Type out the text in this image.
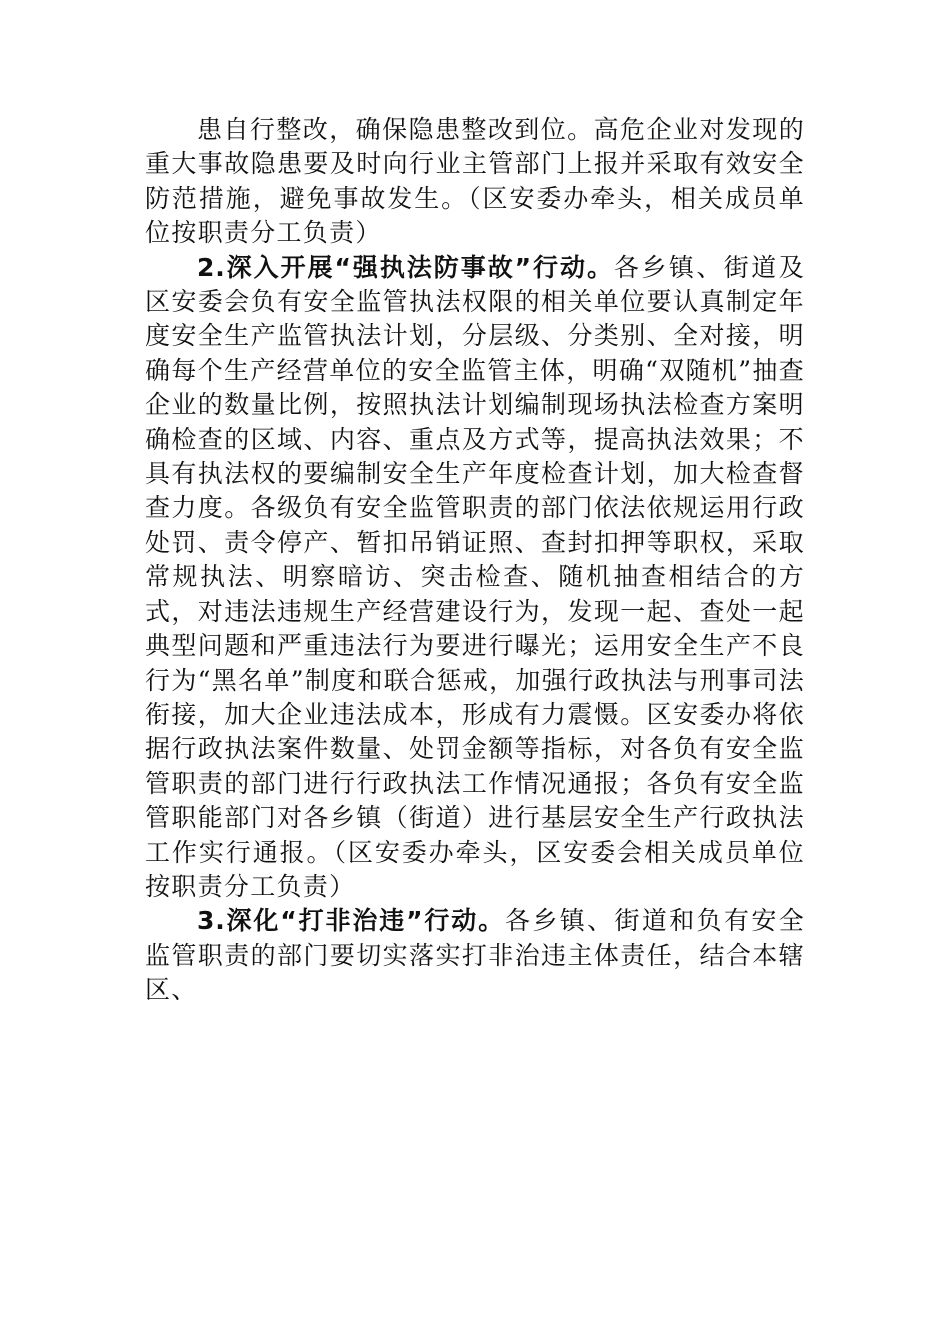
患自行整改，确保隐患整改到位。高危企业对发现的重大事故隐患要及时向行业主管部门上报并采取有效安全防范措施，避免事故发生。（区安委办牵头，相关成员单位按职责分工负责）

2.深入开展“强执法防事故”行动。各乡镇、街道及区安委会负有安全监管执法权限的相关单位要认真制定年度安全生产监管执法计划，分层级、分类别、全对接，明确每个生产经营单位的安全监管主体，明确“双随机”抽查企业的数量比例，按照执法计划编制现场执法检查方案明确检查的区域、内容、重点及方式等，提高执法效果；不具有执法权的要编制安全生产年度检查计划，加大检查督查力度。各级负有安全监管职责的部门依法依规运用行政处罚、责令停产、暂扣吊销证照、查封扣押等职权，采取常规执法、明察暗访、突击检查、随机抽查相结合的方式，对违法违规生产经营建设行为，发现一起、查处一起典型问题和严重违法行为要进行曝光；运用安全生产不良行为“黑名单”制度和联合惩戒，加强行政执法与刑事司法衔接，加大企业违法成本，形成有力震慑。区安委办将依据行政执法案件数量、处罚金额等指标，对各负有安全监管职责的部门进行行政执法工作情况通报；各负有安全监管职能部门对各乡镇（街道）进行基层安全生产行政执法工作实行通报。（区安委办牵头，区安委会相关成员单位按职责分工负责）

3.深化“打非治违”行动。各乡镇、街道和负有安全监管职责的部门要切实落实打非治违主体责任，结合本辖区、
